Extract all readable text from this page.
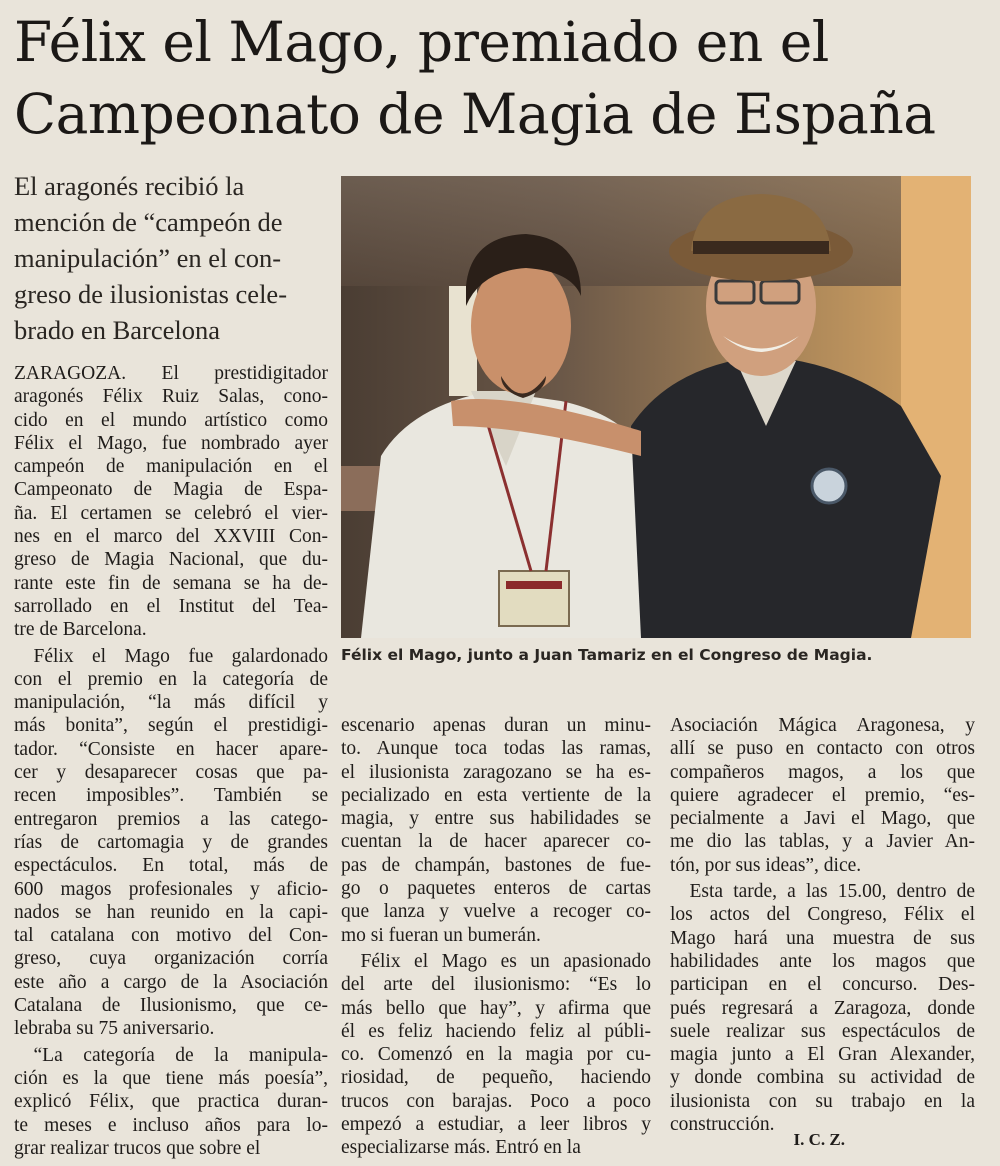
Félix el Mago, premiado en el
Campeonato de Magia de España
El aragonés recibió la
mención de “campeón de
manipulación” en el con-
greso de ilusionistas cele-
brado en Barcelona
Félix el Mago, junto a Juan Tamariz en el Congreso de Magia.
ZARAGOZA. El prestidigitador
aragonés Félix Ruiz Salas, cono-
cido en el mundo artístico como
Félix el Mago, fue nombrado ayer
campeón de manipulación en el
Campeonato de Magia de Espa-
ña. El certamen se celebró el vier-
nes en el marco del XXVIII Con-
greso de Magia Nacional, que du-
rante este fin de semana se ha de-
sarrollado en el Institut del Tea-
tre de Barcelona.
 Félix el Mago fue galardonado
con el premio en la categoría de
manipulación, “la más difícil y
más bonita”, según el prestidigi-
tador. “Consiste en hacer apare-
cer y desaparecer cosas que pa-
recen imposibles”. También se
entregaron premios a las catego-
rías de cartomagia y de grandes
espectáculos. En total, más de
600 magos profesionales y aficio-
nados se han reunido en la capi-
tal catalana con motivo del Con-
greso, cuya organización corría
este año a cargo de la Asociación
Catalana de Ilusionismo, que ce-
lebraba su 75 aniversario.
 “La categoría de la manipula-
ción es la que tiene más poesía”,
explicó Félix, que practica duran-
te meses e incluso años para lo-
grar realizar trucos que sobre el
escenario apenas duran un minu-
to. Aunque toca todas las ramas,
el ilusionista zaragozano se ha es-
pecializado en esta vertiente de la
magia, y entre sus habilidades se
cuentan la de hacer aparecer co-
pas de champán, bastones de fue-
go o paquetes enteros de cartas
que lanza y vuelve a recoger co-
mo si fueran un bumerán.
 Félix el Mago es un apasionado
del arte del ilusionismo: “Es lo
más bello que hay”, y afirma que
él es feliz haciendo feliz al públi-
co. Comenzó en la magia por cu-
riosidad, de pequeño, haciendo
trucos con barajas. Poco a poco
empezó a estudiar, a leer libros y
especializarse más. Entró en la
Asociación Mágica Aragonesa, y
allí se puso en contacto con otros
compañeros magos, a los que
quiere agradecer el premio, “es-
pecialmente a Javi el Mago, que
me dio las tablas, y a Javier An-
tón, por sus ideas”, dice.
 Esta tarde, a las 15.00, dentro de
los actos del Congreso, Félix el
Mago hará una muestra de sus
habilidades ante los magos que
participan en el concurso. Des-
pués regresará a Zaragoza, donde
suele realizar sus espectáculos de
magia junto a El Gran Alexander,
y donde combina su actividad de
ilusionista con su trabajo en la
construcción.
I. C. Z.
